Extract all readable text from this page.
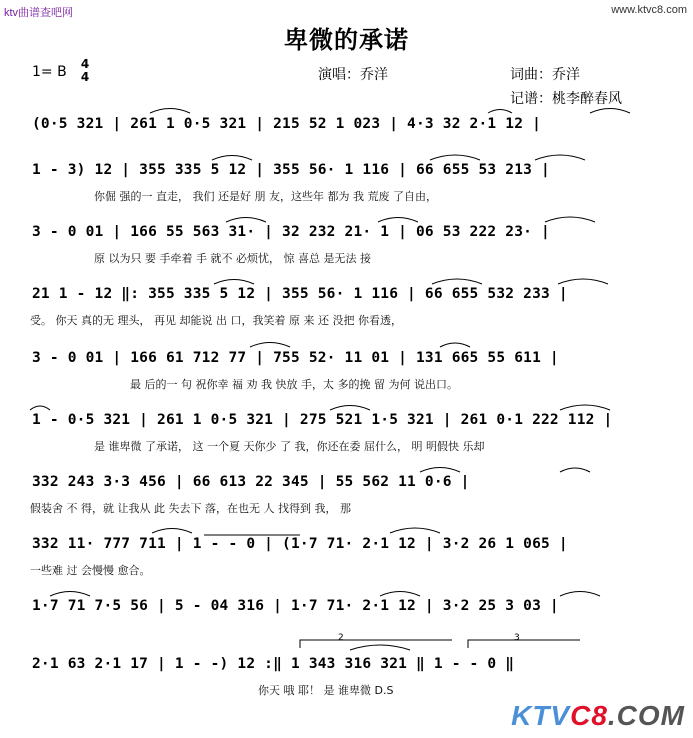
ktv曲谱查吧网	www.ktvc8.com
卑微的承诺
1= B 4
4	演唱：乔洋	词曲：乔洋
记谱：桃李醉春风
2	3
(0·5 321 | 261 1 0·5 321 | 215 52 1 023 | 4·3 32 2·1 12 |
1 - 3) 12 | 355 335 5 12 | 355 56· 1 116 | 66 655 53 213 |
你倔 强的一 直走， 我们 还是好 朋 友，这些年 都为 我 荒废 了自由，
3 - 0 01 | 166 55 563 31· | 32 232 21· 1 | 06 53 222 23· |
原 以为只 要 手牵着 手 就不 必烦忧， 惊 喜总 是无法 接
21 1 - 12 ‖: 355 335 5 12 | 355 56· 1 116 | 66 655 532 233 |
受。 你天 真的无 理头， 再见 却能说 出 口，我笑着 原 来 还 没把 你看透，
3 - 0 01 | 166 61 712 77 | 755 52· 11 01 | 131 665 55 611 |
最 后的一 句 祝你幸 福 劝 我 快放 手，太 多的挽 留 为何 说出口。
1 - 0·5 321 | 261 1 0·5 321 | 275 521 1·5 321 | 261 0·1 222 112 |
是 谁卑微 了承诺， 这 一个夏 天你少 了 我，你还在委 屈什么， 明 明假快 乐却
332 243 3·3 456 | 66 613 22 345 | 55 562 11 0·6 |
假装舍 不 得，就 让我从 此 失去下 落，在也无 人 找得到 我， 那
332 11· 777 711 | 1 - - 0 | (1·7 71· 2·1 12 | 3·2 26 1 065 |
一些难 过 会慢慢 愈合。
1·7 71 7·5 56 | 5 - 04 316 | 1·7 71· 2·1 12 | 3·2 25 3 03 |
2·1 63 2·1 17 | 1 - -) 12 :‖ 1 343 316 321 ‖ 1 - - 0 ‖
你天 哦 耶！ 是 谁卑微 D.S
KTVC8.COM
